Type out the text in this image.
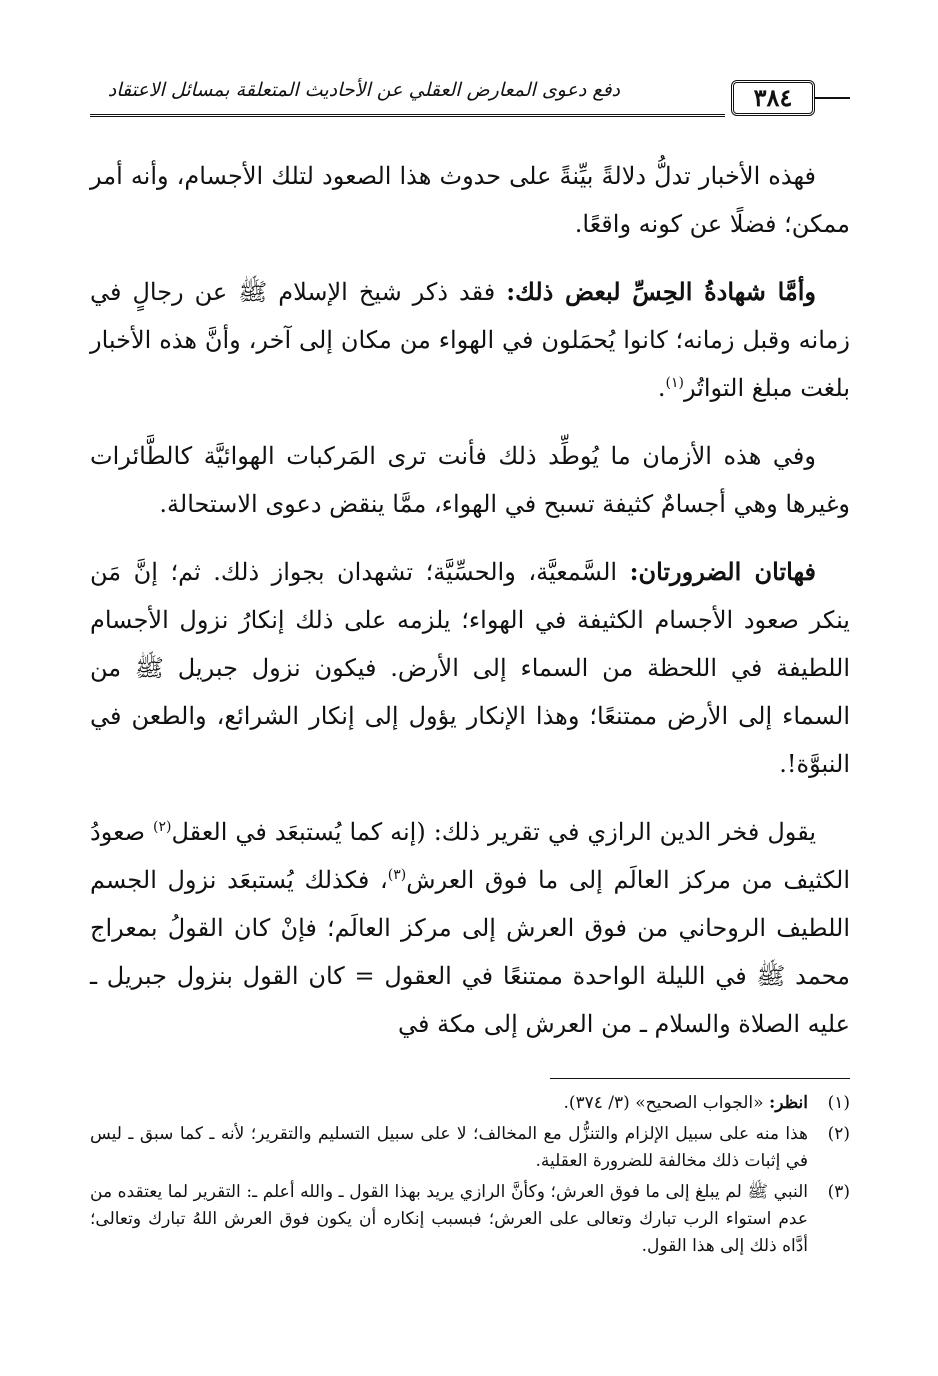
دفع دعوى المعارض العقلي عن الأحاديث المتعلقة بمسائل الاعتقاد	٣٨٤

فهذه الأخبار تدلُّ دلالةً بيِّنةً على حدوث هذا الصعود لتلك الأجسام، وأنه أمر ممكن؛ فضلًا عن كونه واقعًا.

وأمَّا شهادةُ الحِسِّ لبعض ذلك: فقد ذكر شيخ الإسلام ﷺ عن رجالٍ في زمانه وقبل زمانه؛ كانوا يُحمَلون في الهواء من مكان إلى آخر، وأنَّ هذه الأخبار بلغت مبلغ التواتُر$^{(١)}$.

وفي هذه الأزمان ما يُوطِّد ذلك فأنت ترى المَركبات الهوائيَّة كالطَّائرات وغيرها وهي أجسامٌ كثيفة تسبح في الهواء، ممَّا ينقض دعوى الاستحالة.

فهاتان الضرورتان: السَّمعيَّة، والحسِّيَّة؛ تشهدان بجواز ذلك. ثم؛ إنَّ مَن ينكر صعود الأجسام الكثيفة في الهواء؛ يلزمه على ذلك إنكارُ نزول الأجسام اللطيفة في اللحظة من السماء إلى الأرض. فيكون نزول جبريل ﷺ من السماء إلى الأرض ممتنعًا؛ وهذا الإنكار يؤول إلى إنكار الشرائع، والطعن في النبوَّة!.

يقول فخر الدين الرازي في تقرير ذلك: (إنه كما يُستبعَد في العقل$^{(٢)}$ صعودُ الكثيف من مركز العالَم إلى ما فوق العرش$^{(٣)}$، فكذلك يُستبعَد نزول الجسم اللطيف الروحاني من فوق العرش إلى مركز العالَم؛ فإنْ كان القولُ بمعراج محمد ﷺ في الليلة الواحدة ممتنعًا في العقول = كان القول بنزول جبريل ـ عليه الصلاة والسلام ـ من العرش إلى مكة في

(١)
انظر: «الجواب الصحيح» (٣/ ٣٧٤).
(٢)
هذا منه على سبيل الإلزام والتنزُّل مع المخالف؛ لا على سبيل التسليم والتقرير؛ لأنه ـ كما سبق ـ ليس في إثبات ذلك مخالفة للضرورة العقلية.
(٣)
النبي ﷺ لم يبلغ إلى ما فوق العرش؛ وكأنَّ الرازي يريد بهذا القول ـ والله أعلم ـ: التقرير لما يعتقده من عدم استواء الرب تبارك وتعالى على العرش؛ فبسبب إنكاره أن يكون فوق العرش اللهُ تبارك وتعالى؛ أدَّاه ذلك إلى هذا القول.
